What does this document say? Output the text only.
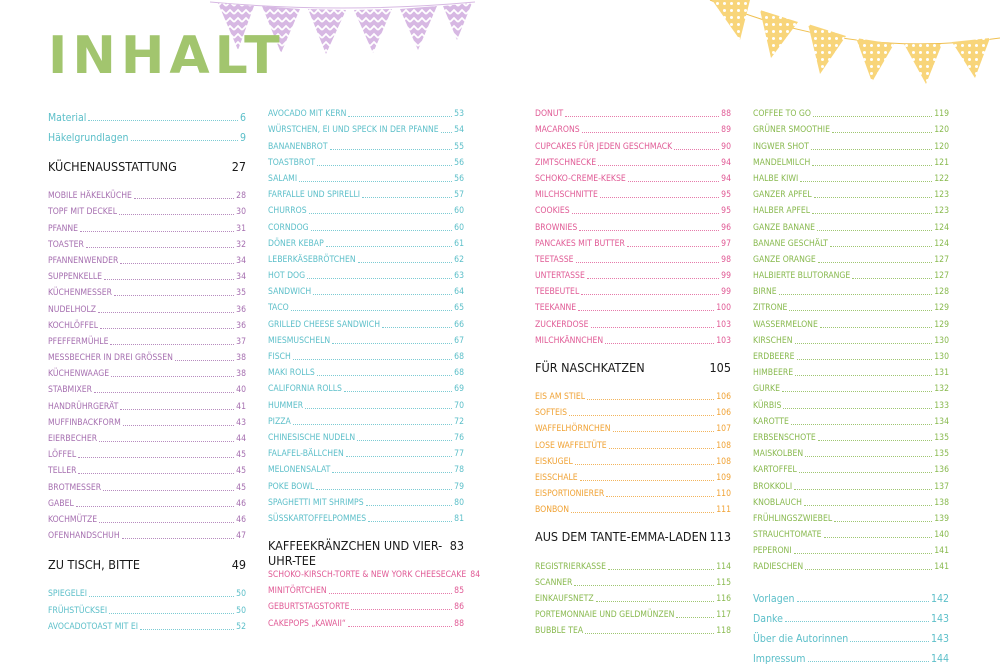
INHALT
Material	6
Häkelgrundlagen	9
KÜCHENAUSSTATTUNG	27
MOBILE HÄKELKÜCHE	28
TOPF MIT DECKEL	30
PFANNE	31
TOASTER	32
PFANNENWENDER	34
SUPPENKELLE	34
KÜCHENMESSER	35
NUDELHOLZ	36
KOCHLÖFFEL	36
PFEFFERMÜHLE	37
MESSBECHER IN DREI GRÖSSEN	38
KÜCHENWAAGE	38
STABMIXER	40
HANDRÜHRGERÄT	41
MUFFINBACKFORM	43
EIERBECHER	44
LÖFFEL	45
TELLER	45
BROTMESSER	45
GABEL	46
KOCHMÜTZE	46
OFENHANDSCHUH	47
ZU TISCH, BITTE	49
SPIEGELEI	50
FRÜHSTÜCKSEI	50
AVOCADOTOAST MIT EI	52
AVOCADO MIT KERN	53
WÜRSTCHEN, EI UND SPECK IN DER PFANNE 54
BANANENBROT	55
TOASTBROT	56
SALAMI	56
FARFALLE UND SPIRELLI	57
CHURROS	60
CORNDOG	60
DÖNER KEBAP	61
LEBERKÄSEBRÖTCHEN	62
HOT DOG	63
SANDWICH	64
TACO	65
GRILLED CHEESE SANDWICH	66
MIESMUSCHELN	67
FISCH	68
MAKI ROLLS	68
CALIFORNIA ROLLS	69
HUMMER	70
PIZZA	72
CHINESISCHE NUDELN	76
FALAFEL-BÄLLCHEN	77
MELONENSALAT	78
POKE BOWL	79
SPAGHETTI MIT SHRIMPS	80
SÜSSKARTOFFELPOMMES	81
KAFFEEKRÄNZCHEN UND VIER-UHR-TEE
83
SCHOKO-KIRSCH-TORTE & NEW YORK CHEESECAKE 84
MINITÖRTCHEN	85
GEBURTSTAGSTORTE	86
CAKEPOPS „KAWAII“	88
DONUT	88
MACARONS	89
CUPCAKES FÜR JEDEN GESCHMACK	90
ZIMTSCHNECKE	94
SCHOKO-CREME-KEKSE	94
MILCHSCHNITTE	95
COOKIES	95
BROWNIES	96
PANCAKES MIT BUTTER	97
TEETASSE	98
UNTERTASSE	99
TEEBEUTEL	99
TEEKANNE	100
ZUCKERDOSE	103
MILCHKÄNNCHEN	103
FÜR NASCHKATZEN	105
EIS AM STIEL	106
SOFTEIS	106
WAFFELHÖRNCHEN	107
LOSE WAFFELTÜTE	108
EISKUGEL	108
EISSCHALE	109
EISPORTIONIERER	110
BONBON	111
AUS DEM TANTE-EMMA-LADEN 113
REGISTRIERKASSE	114
SCANNER	115
EINKAUFSNETZ	116
PORTEMONNAIE UND GELDMÜNZEN	117
BUBBLE TEA	118
COFFEE TO GO	119
GRÜNER SMOOTHIE	120
INGWER SHOT	120
MANDELMILCH	121
HALBE KIWI	122
GANZER APFEL	123
HALBER APFEL	123
GANZE BANANE	124
BANANE GESCHÄLT	124
GANZE ORANGE	127
HALBIERTE BLUTORANGE	127
BIRNE	128
ZITRONE	129
WASSERMELONE	129
KIRSCHEN	130
ERDBEERE	130
HIMBEERE	131
GURKE	132
KÜRBIS	133
KAROTTE	134
ERBSENSCHOTE	135
MAISKOLBEN	135
KARTOFFEL	136
BROKKOLI	137
KNOBLAUCH	138
FRÜHLINGSZWIEBEL	139
STRAUCHTOMATE	140
PEPERONI	141
RADIESCHEN	141
Vorlagen	142
Danke	143
Über die Autorinnen	143
Impressum	144
